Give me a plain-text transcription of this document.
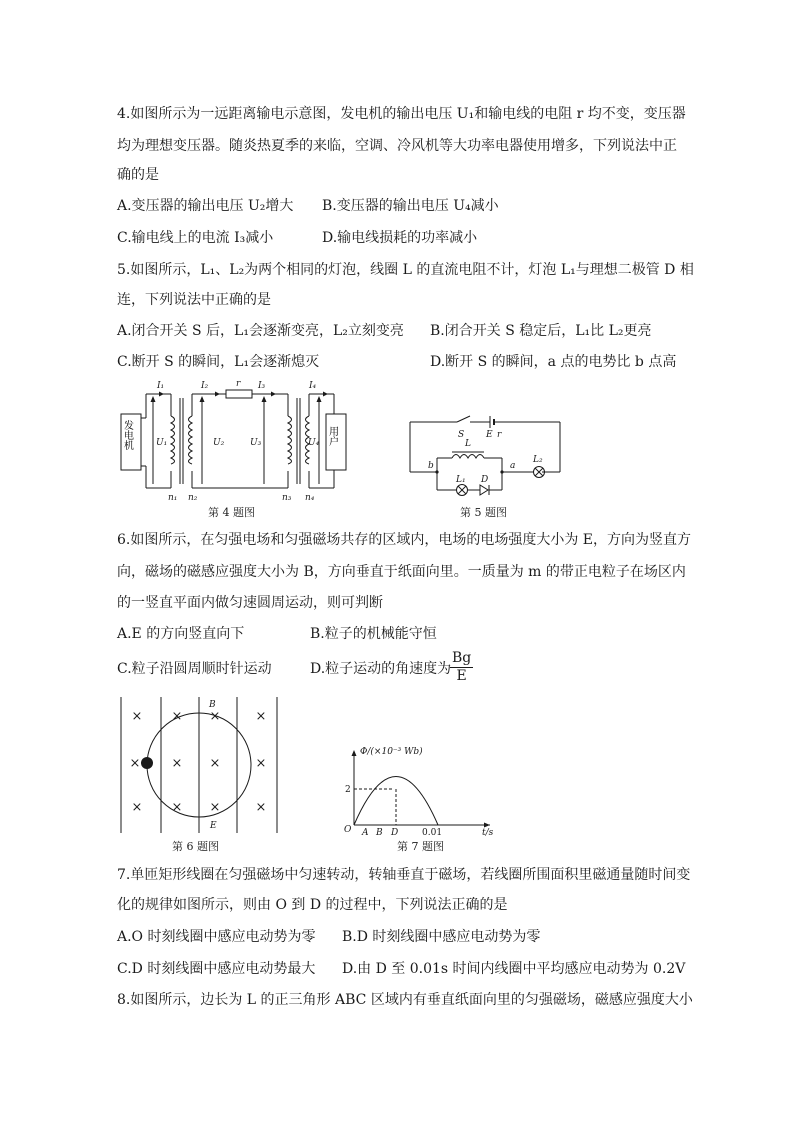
4.如图所示为一远距离输电示意图，发电机的输出电压 U₁和输电线的电阻 r 均不变，变压器
均为理想变压器。随炎热夏季的来临，空调、冷风机等大功率电器使用增多，下列说法中正
确的是
A.变压器的输出电压 U₂增大 B.变压器的输出电压 U₄减小
C.输电线上的电流 I₃减小	D.输电线损耗的功率减小
5.如图所示，L₁、L₂为两个相同的灯泡，线圈 L 的直流电阻不计，灯泡 L₁与理想二极管 D 相
连，下列说法中正确的是
A.闭合开关 S 后，L₁会逐渐变亮，L₂立刻变亮 B.闭合开关 S 稳定后，L₁比 L₂更亮
C.断开 S 的瞬间，L₁会逐渐熄灭	D.断开 S 的瞬间，a 点的电势比 b 点高
发电机	用户
I₁	I₂	r I₃	I₄
U₁	U₂	U₃	U₄
n₁ n₂	n₃ n₄
第 4 题图
S E r
L
b	a
L₁ D
L₂
第 5 题图
6.如图所示，在匀强电场和匀强磁场共存的区域内，电场的电场强度大小为 E，方向为竖直方
向，磁场的磁感应强度大小为 B，方向垂直于纸面向里。一质量为 m 的带正电粒子在场区内
的一竖直平面内做匀速圆周运动，则可判断
A.E 的方向竖直向下	B.粒子的机械能守恒
C.粒子沿圆周顺时针运动	D.粒子运动的角速度为
$\frac{Bg}{E}$
× × ×	×
× × ×	×
× × ×	×
B
E
第 6 题图
Φ/(×10⁻³ Wb)
2
O A B D	0.01	t/s
第 7 题图
7.单匝矩形线圈在匀强磁场中匀速转动，转轴垂直于磁场，若线圈所围面积里磁通量随时间变
化的规律如图所示，则由 O 到 D 的过程中，下列说法正确的是
A.O 时刻线圈中感应电动势为零 B.D 时刻线圈中感应电动势为零
C.D 时刻线圈中感应电动势最大 D.由 D 至 0.01s 时间内线圈中平均感应电动势为 0.2V
8.如图所示，边长为 L 的正三角形 ABC 区域内有垂直纸面向里的匀强磁场，磁感应强度大小
